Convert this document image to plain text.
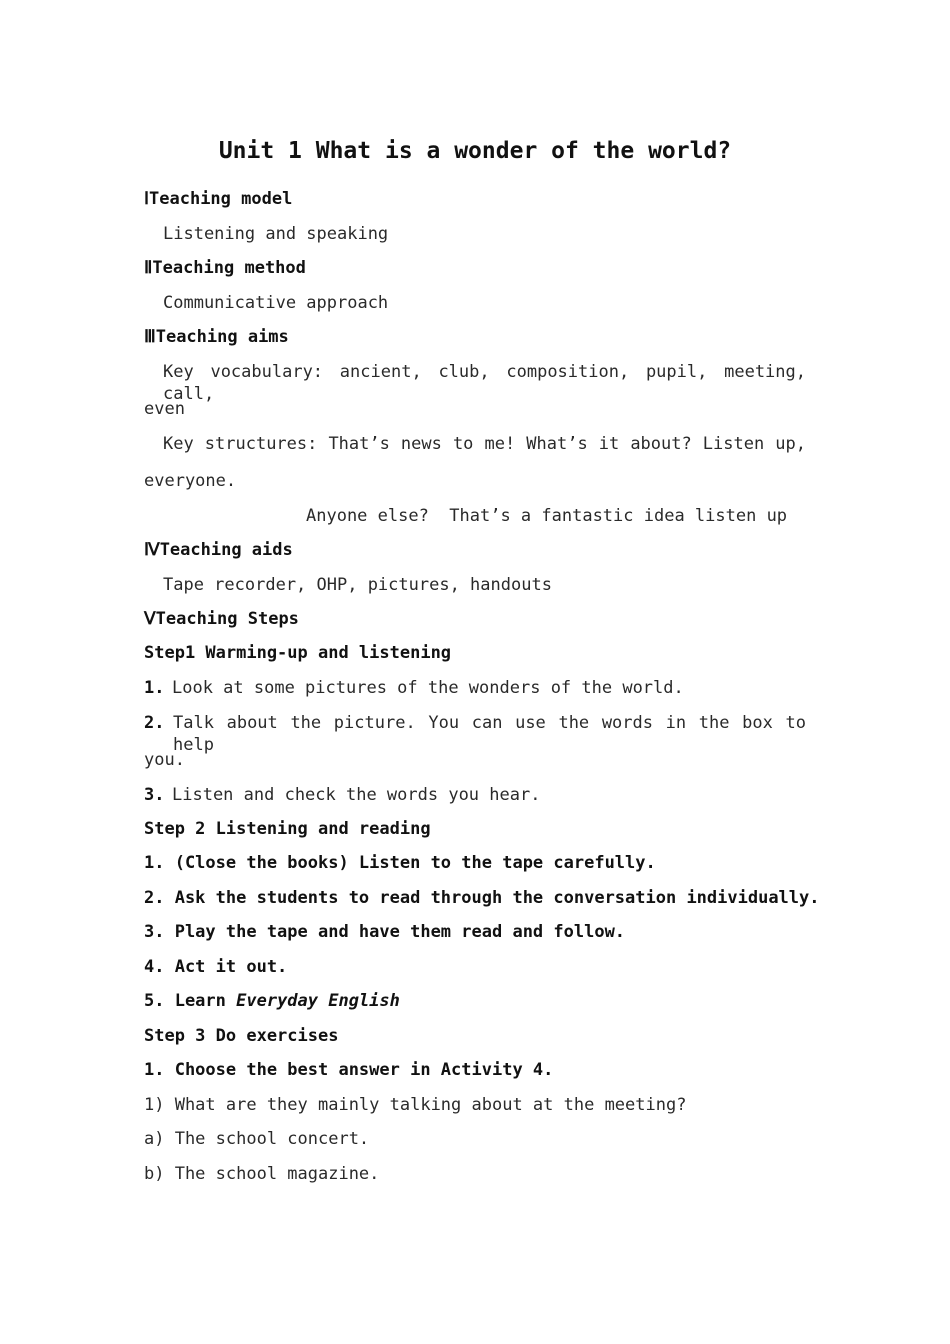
Unit 1 What is a wonder of the world?
ⅠTeaching model
Listening and speaking
ⅡTeaching method
Communicative approach
ⅢTeaching aims
Key vocabulary: ancient, club, composition, pupil, meeting, call,
even
Key structures: That’s news to me! What’s it about? Listen up,
everyone.
Anyone else?  That’s a fantastic idea listen up
ⅣTeaching aids
Tape recorder, OHP, pictures, handouts
ⅤTeaching Steps
Step1 Warming-up and listening
1. Look at some pictures of the wonders of the world.
2. Talk about the picture. You can use the words in the box to help
you.
3. Listen and check the words you hear.
Step 2 Listening and reading
1. (Close the books) Listen to the tape carefully.
2. Ask the students to read through the conversation individually.
3. Play the tape and have them read and follow.
4. Act it out.
5. Learn Everyday English
Step 3 Do exercises
1. Choose the best answer in Activity 4.
1) What are they mainly talking about at the meeting?
a) The school concert.
b) The school magazine.
